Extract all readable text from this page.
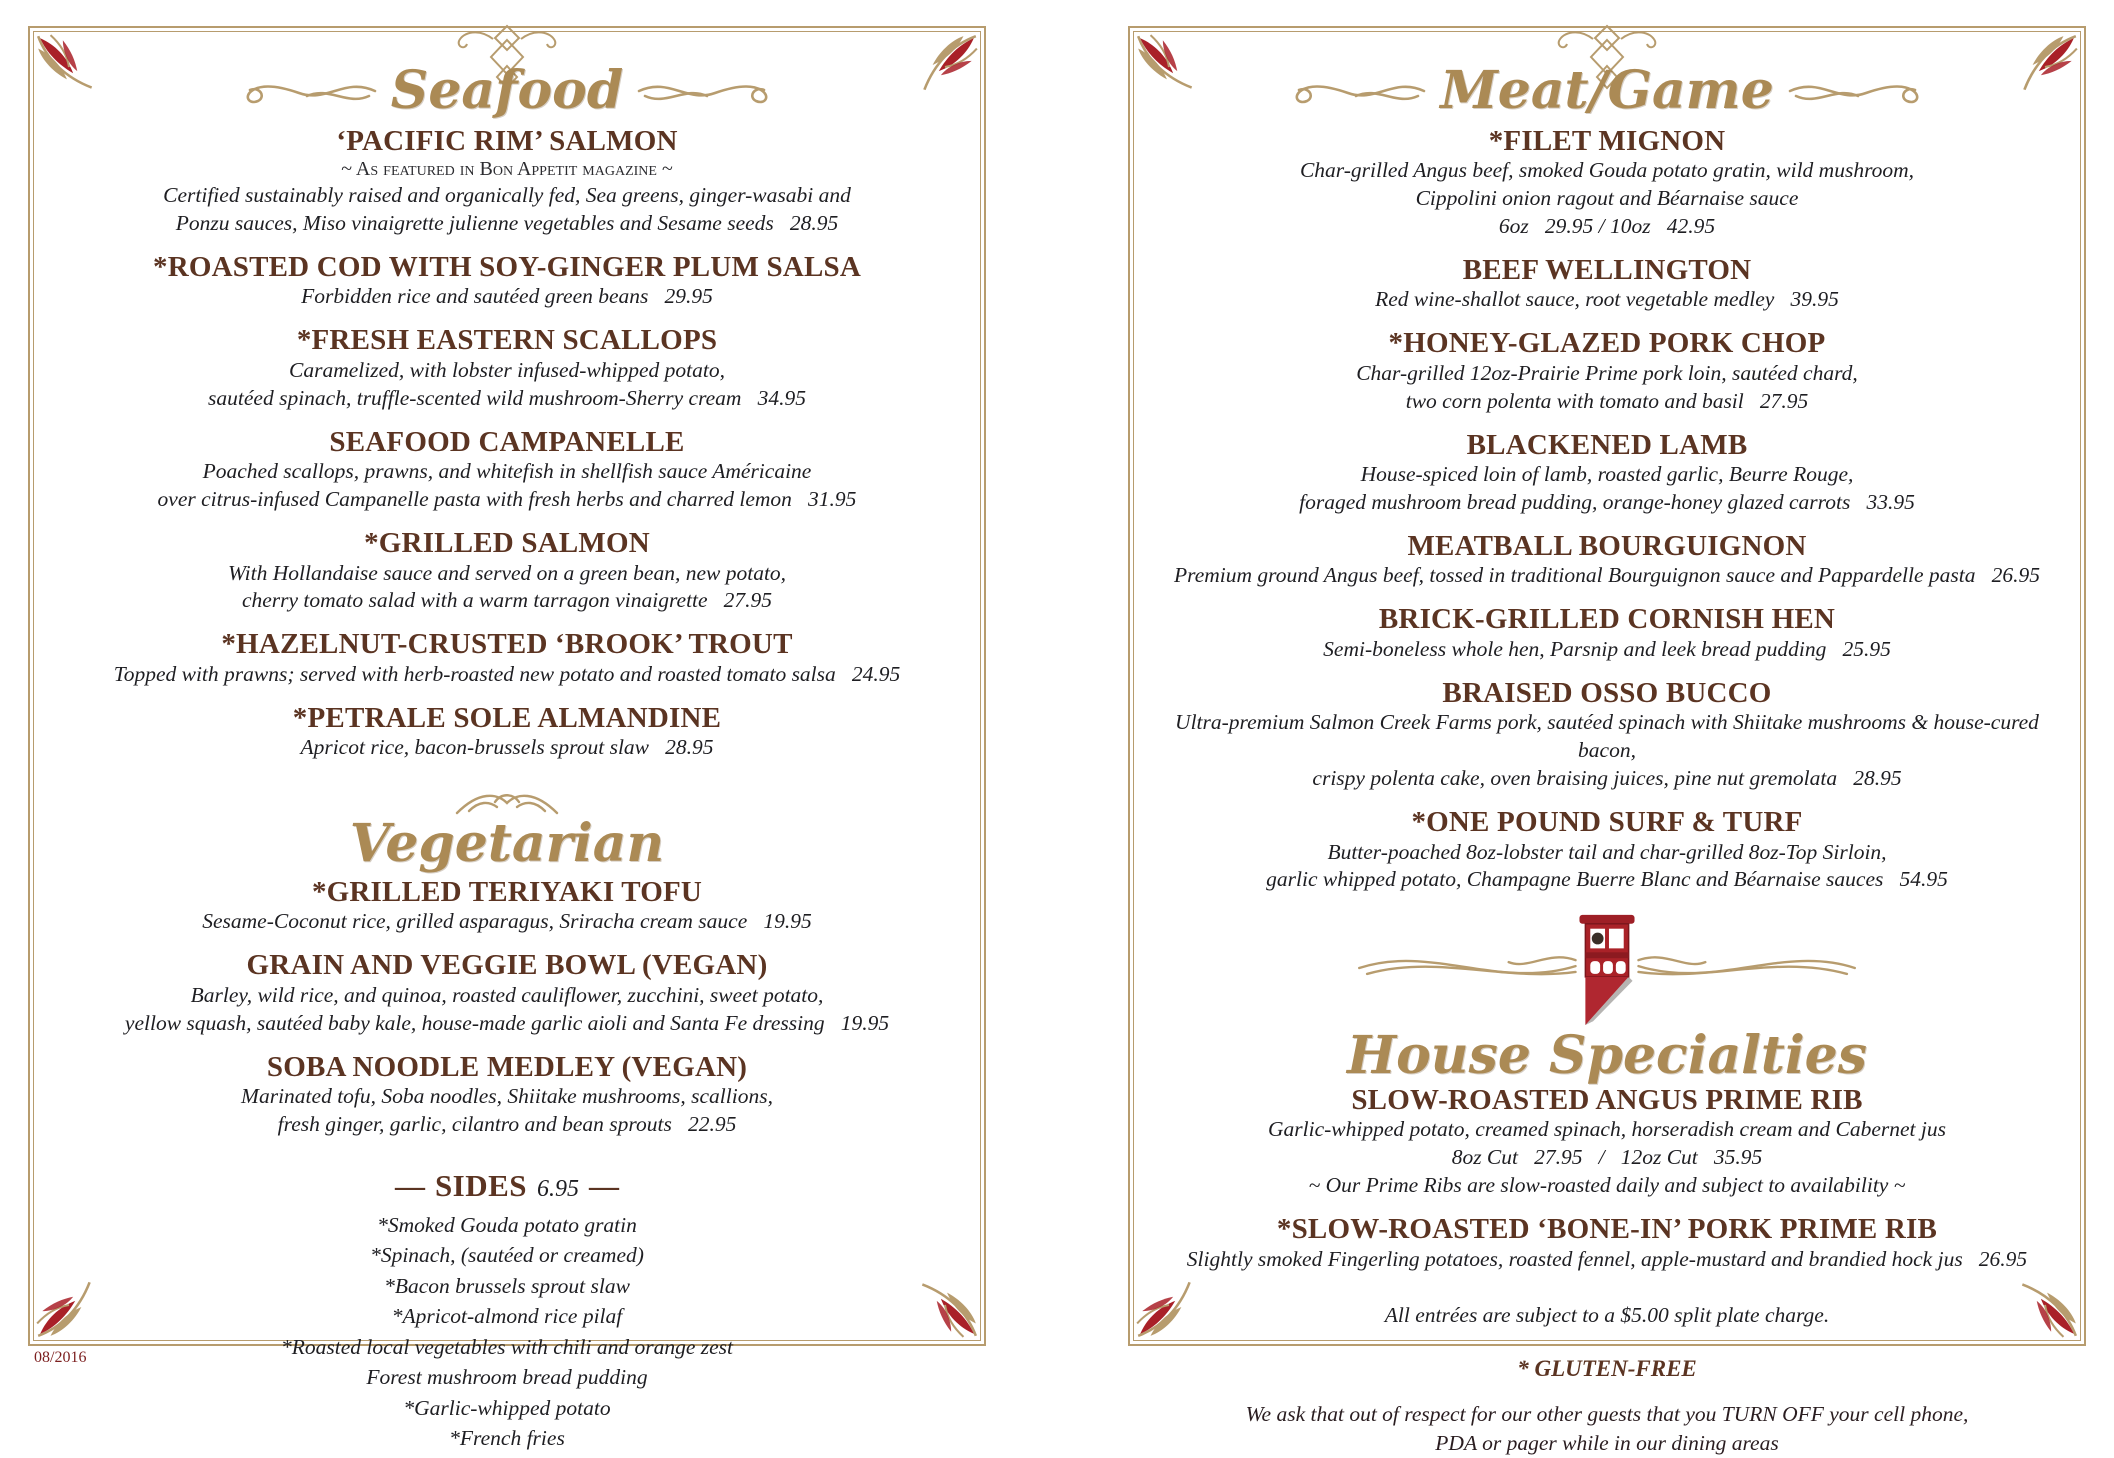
Seafood
‘PACIFIC RIM’ SALMON
~ As featured in Bon Appetit magazine ~
Certified sustainably raised and organically fed, Sea greens, ginger-wasabi and
Ponzu sauces, Miso vinaigrette julienne vegetables and Sesame seeds   28.95
*ROASTED COD WITH SOY-GINGER PLUM SALSA
Forbidden rice and sautéed green beans   29.95
*FRESH EASTERN SCALLOPS
Caramelized, with lobster infused-whipped potato,
sautéed spinach, truffle-scented wild mushroom-Sherry cream   34.95
SEAFOOD CAMPANELLE
Poached scallops, prawns, and whitefish in shellfish sauce Américaine
over citrus-infused Campanelle pasta with fresh herbs and charred lemon   31.95
*GRILLED SALMON
With Hollandaise sauce and served on a green bean, new potato,
cherry tomato salad with a warm tarragon vinaigrette   27.95
*HAZELNUT-CRUSTED ‘BROOK’ TROUT
Topped with prawns; served with herb-roasted new potato and roasted tomato salsa   24.95
*PETRALE SOLE ALMANDINE
Apricot rice, bacon-brussels sprout slaw   28.95
Vegetarian
*GRILLED TERIYAKI TOFU
Sesame-Coconut rice, grilled asparagus, Sriracha cream sauce   19.95
GRAIN AND VEGGIE BOWL (VEGAN)
Barley, wild rice, and quinoa, roasted cauliflower, zucchini, sweet potato,
yellow squash, sautéed baby kale, house-made garlic aioli and Santa Fe dressing   19.95
SOBA NOODLE MEDLEY (VEGAN)
Marinated tofu, Soba noodles, Shiitake mushrooms, scallions,
fresh ginger, garlic, cilantro and bean sprouts   22.95
— SIDES 6.95 —
*Smoked Gouda potato gratin
*Spinach, (sautéed or creamed)
*Bacon brussels sprout slaw
*Apricot-almond rice pilaf
*Roasted local vegetables with chili and orange zest
Forest mushroom bread pudding
*Garlic-whipped potato
*French fries
08/2016
Meat/Game
*FILET MIGNON
Char-grilled Angus beef, smoked Gouda potato gratin, wild mushroom,
Cippolini onion ragout and Béarnaise sauce
6oz   29.95 / 10oz   42.95
BEEF WELLINGTON
Red wine-shallot sauce, root vegetable medley   39.95
*HONEY-GLAZED PORK CHOP
Char-grilled 12oz-Prairie Prime pork loin, sautéed chard,
two corn polenta with tomato and basil   27.95
BLACKENED LAMB
House-spiced loin of lamb, roasted garlic, Beurre Rouge,
foraged mushroom bread pudding, orange-honey glazed carrots   33.95
MEATBALL BOURGUIGNON
Premium ground Angus beef, tossed in traditional Bourguignon sauce and Pappardelle pasta   26.95
BRICK-GRILLED CORNISH HEN
Semi-boneless whole hen, Parsnip and leek bread pudding   25.95
BRAISED OSSO BUCCO
Ultra-premium Salmon Creek Farms pork, sautéed spinach with Shiitake mushrooms & house-cured bacon,
crispy polenta cake, oven braising juices, pine nut gremolata   28.95
*ONE POUND SURF & TURF
Butter-poached 8oz-lobster tail and char-grilled 8oz-Top Sirloin,
garlic whipped potato, Champagne Buerre Blanc and Béarnaise sauces   54.95
House Specialties
SLOW-ROASTED ANGUS PRIME RIB
Garlic-whipped potato, creamed spinach, horseradish cream and Cabernet jus
8oz Cut   27.95   /   12oz Cut   35.95
~ Our Prime Ribs are slow-roasted daily and subject to availability ~
*SLOW-ROASTED ‘BONE-IN’ PORK PRIME RIB
Slightly smoked Fingerling potatoes, roasted fennel, apple-mustard and brandied hock jus   26.95
All entrées are subject to a $5.00 split plate charge.
* GLUTEN-FREE
We ask that out of respect for our other guests that you TURN OFF your cell phone,
PDA or pager while in our dining areas
